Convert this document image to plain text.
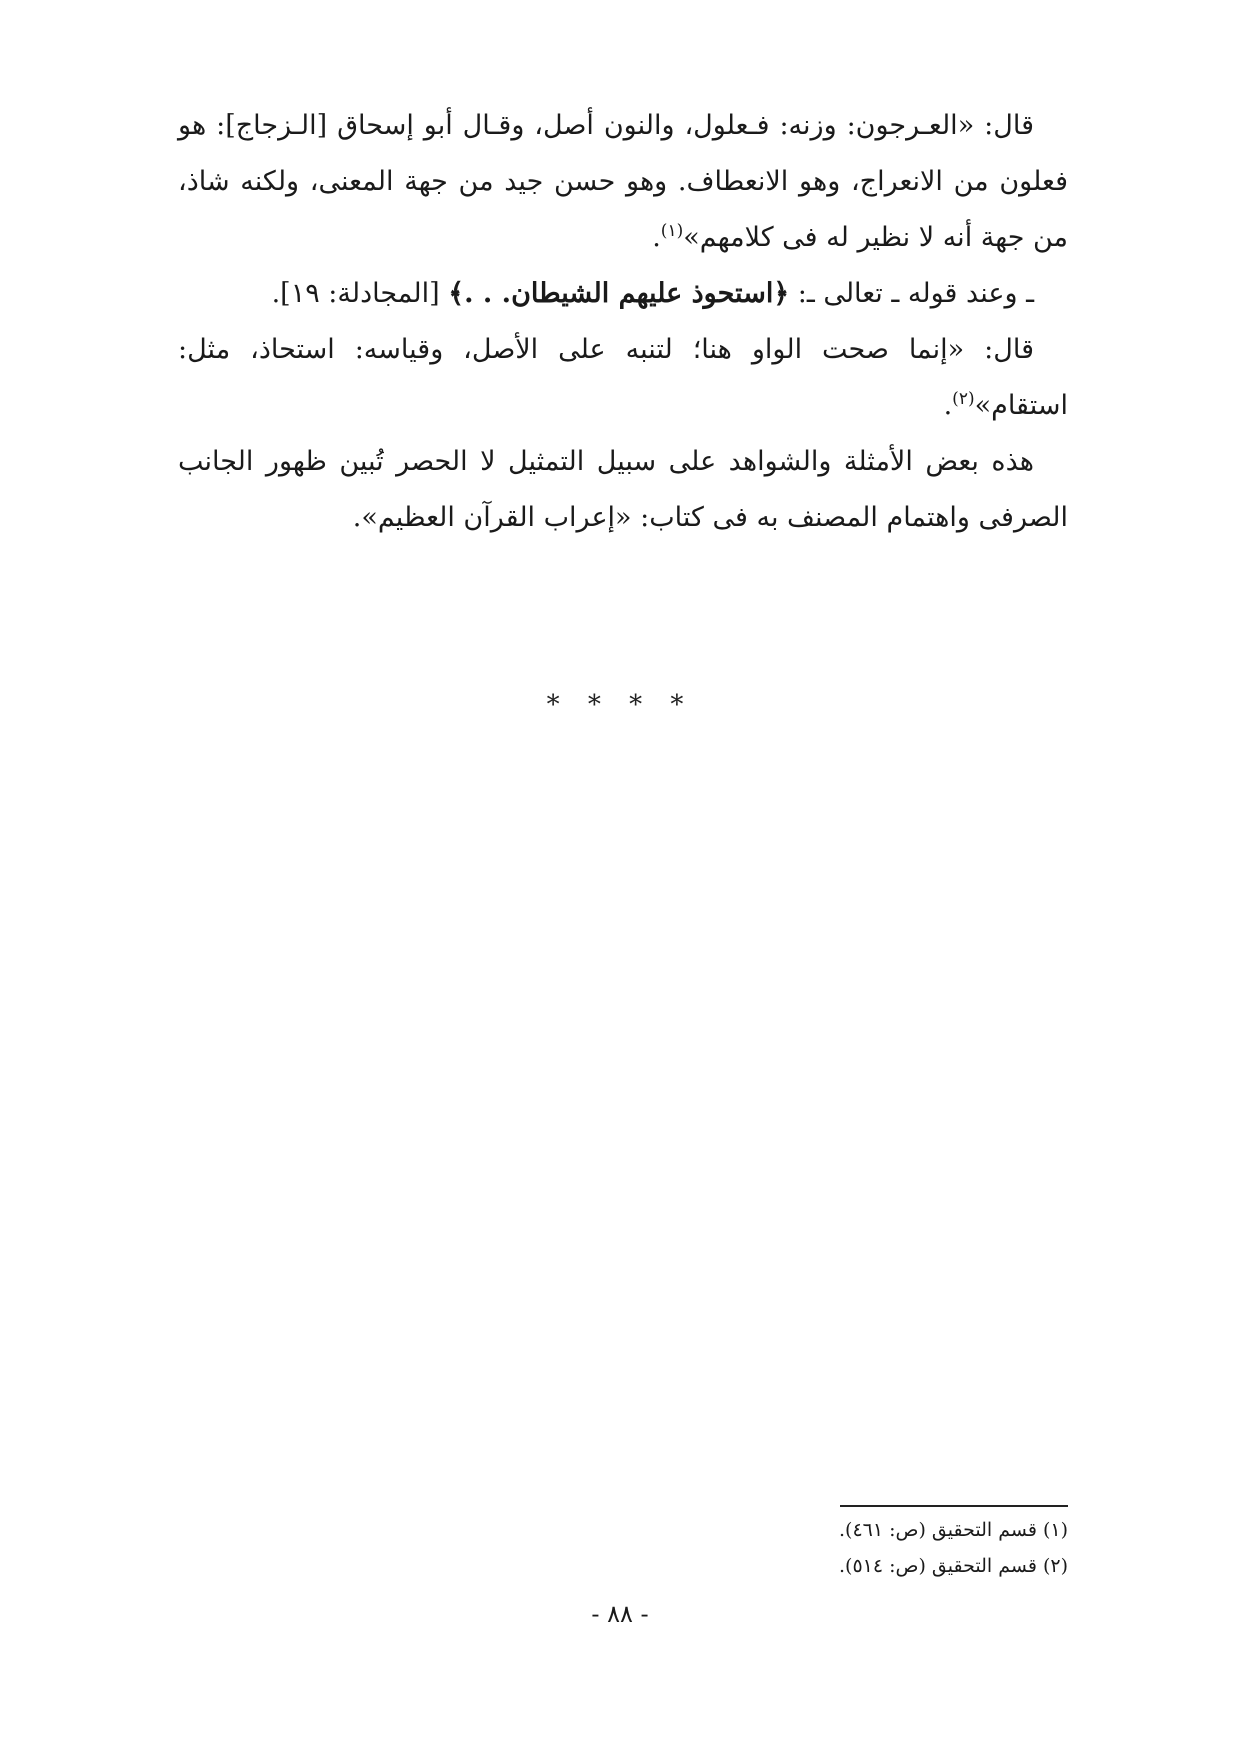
قال: «العـرجون: وزنه: فـعلول، والنون أصل، وقـال أبو إسحاق [الـزجاج]: هو فعلون من الانعراج، وهو الانعطاف. وهو حسن جيد من جهة المعنى، ولكنه شاذ، من جهة أنه لا نظير له فى كلامهم»$^{(١)}$.

ـ وعند قوله ـ تعالى ـ: ﴿استحوذ عليهم الشيطان. . .﴾ [المجادلة: ١٩].

قال: «إنما صحت الواو هنا؛ لتنبه على الأصل، وقياسه: استحاذ، مثل: استقام»$^{(٢)}$.

هذه بعض الأمثلة والشواهد على سبيل التمثيل لا الحصر تُبين ظهور الجانب الصرفى واهتمام المصنف به فى كتاب: «إعراب القرآن العظيم».

* * * *
(١) قسم التحقيق (ص: ٤٦١).
(٢) قسم التحقيق (ص: ٥١٤).
- ٨٨ -
